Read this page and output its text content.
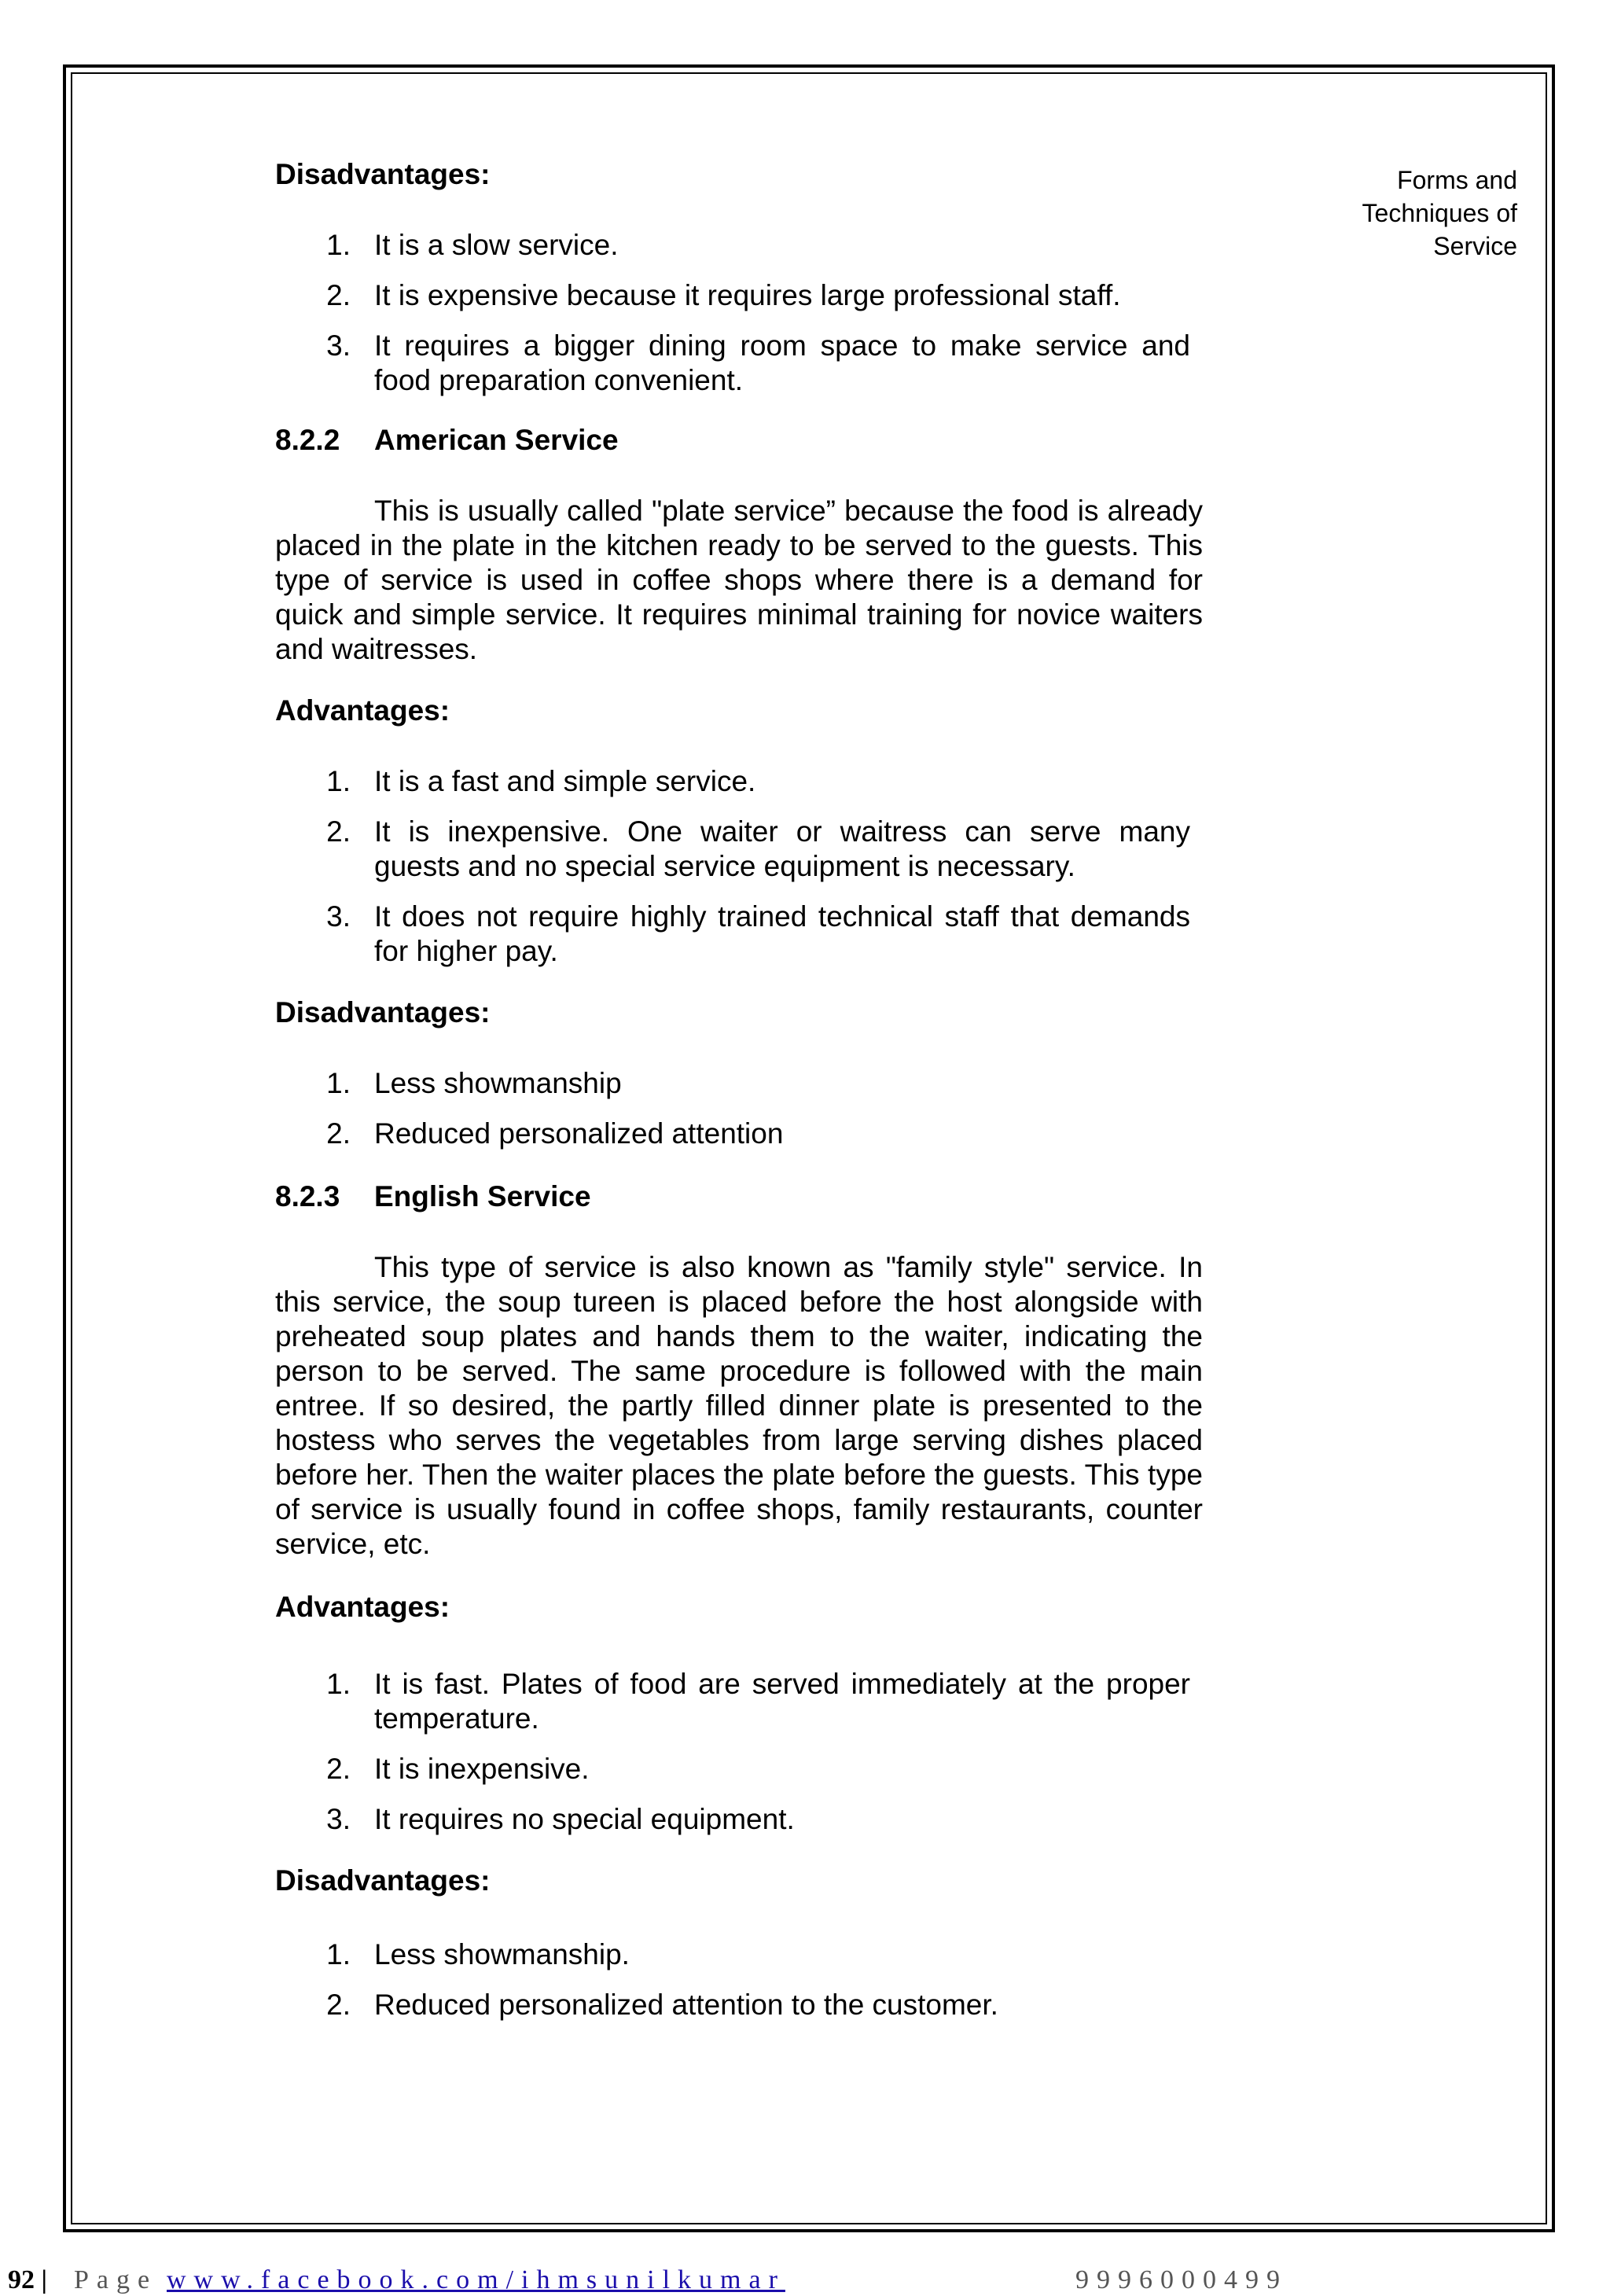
Forms and
Techniques of
Service

Disadvantages:

1. It is a slow service.
2. It is expensive because it requires large professional staff.
3. It requires a bigger dining room space to make service and food preparation convenient.
8.2.2	American Service

This is usually called "plate service” because the food is already placed in the plate in the kitchen ready to be served to the guests. This type of service is used in coffee shops where there is a demand for quick and simple service. It requires minimal training for novice waiters and waitresses.

Advantages:

1. It is a fast and simple service.
2. It is inexpensive. One waiter or waitress can serve many guests and no special service equipment is necessary.
3. It does not require highly trained technical staff that demands for higher pay.

Disadvantages:

1. Less showmanship
2. Reduced personalized attention
8.2.3	English Service

This type of service is also known as "family style" service. In this service, the soup tureen is placed before the host alongside with preheated soup plates and hands them to the waiter, indicating the person to be served. The same procedure is followed with the main entree. If so desired, the partly filled dinner plate is presented to the hostess who serves the vegetables from large serving dishes placed before her. Then the waiter places the plate before the guests. This type of service is usually found in coffee shops, family restaurants, counter service, etc.

Advantages:

1. It is fast. Plates of food are served immediately at the proper temperature.
2. It is inexpensive.
3. It requires no special equipment.

Disadvantages:

1. Less showmanship.
2. Reduced personalized attention to the customer.
92 | Page www.facebook.com/ihmsunilkumar	9996000499
